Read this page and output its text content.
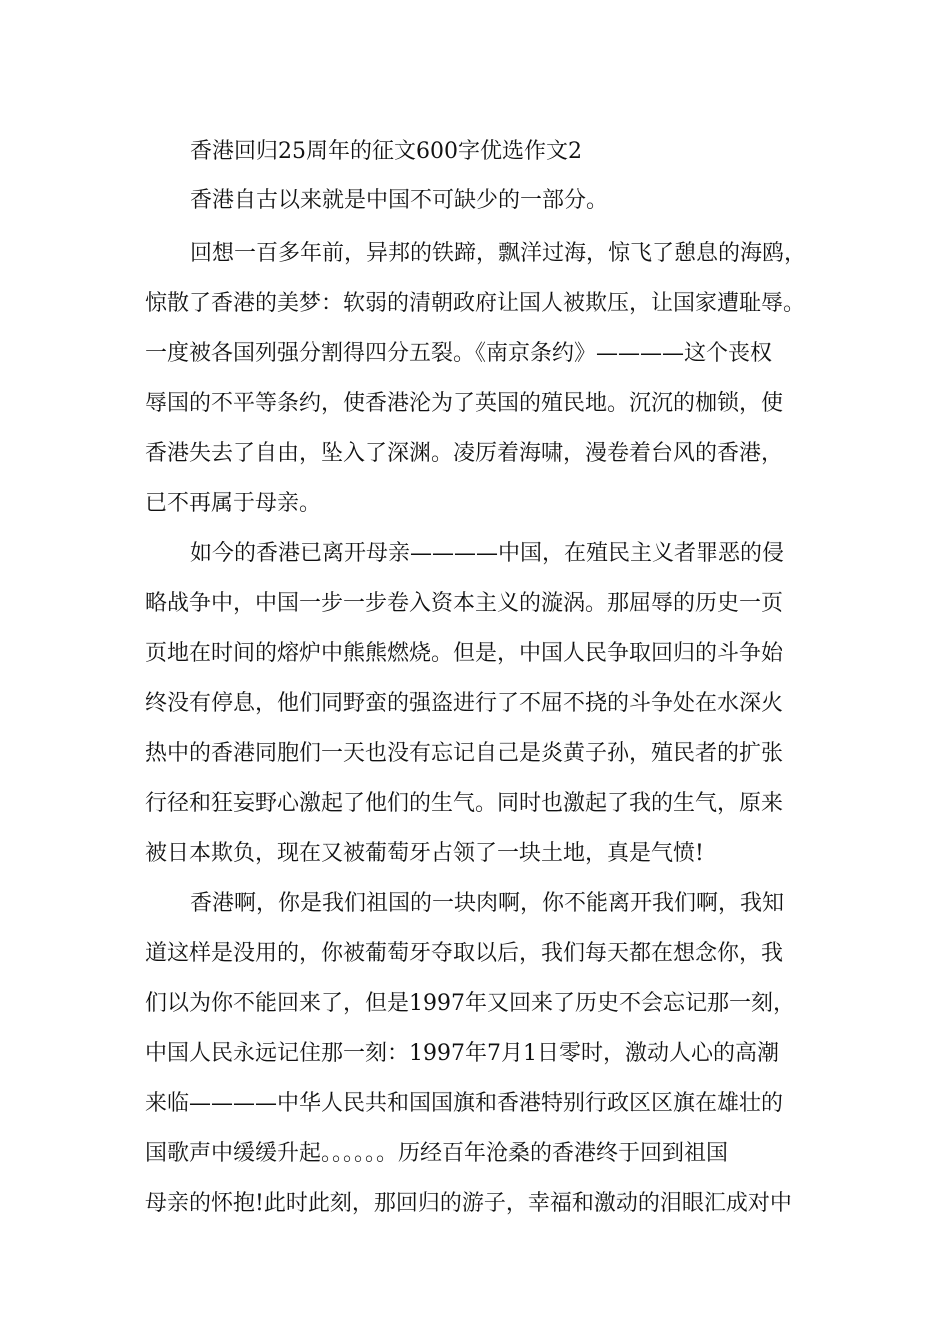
香港回归25周年的征文600字优选作文2
香港自古以来就是中国不可缺少的一部分。
回想一百多年前，异邦的铁蹄，飘洋过海，惊飞了憩息的海鸥，
惊散了香港的美梦：软弱的清朝政府让国人被欺压，让国家遭耻辱。
一度被各国列强分割得四分五裂。《南京条约》————这个丧权
辱国的不平等条约，使香港沦为了英国的殖民地。沉沉的枷锁，使
香港失去了自由，坠入了深渊。凌厉着海啸，漫卷着台风的香港，
已不再属于母亲。
如今的香港已离开母亲————中国，在殖民主义者罪恶的侵
略战争中，中国一步一步卷入资本主义的漩涡。那屈辱的历史一页
页地在时间的熔炉中熊熊燃烧。但是，中国人民争取回归的斗争始
终没有停息，他们同野蛮的强盗进行了不屈不挠的斗争处在水深火
热中的香港同胞们一天也没有忘记自己是炎黄子孙，殖民者的扩张
行径和狂妄野心激起了他们的生气。同时也激起了我的生气，原来
被日本欺负，现在又被葡萄牙占领了一块土地，真是气愤!
香港啊，你是我们祖国的一块肉啊，你不能离开我们啊，我知
道这样是没用的，你被葡萄牙夺取以后，我们每天都在想念你，我
们以为你不能回来了，但是1997年又回来了历史不会忘记那一刻，
中国人民永远记住那一刻：1997年7月1日零时，激动人心的高潮
来临————中华人民共和国国旗和香港特别行政区区旗在雄壮的
国歌声中缓缓升起。。。。。。历经百年沧桑的香港终于回到祖国
母亲的怀抱!此时此刻，那回归的游子，幸福和激动的泪眼汇成对中
